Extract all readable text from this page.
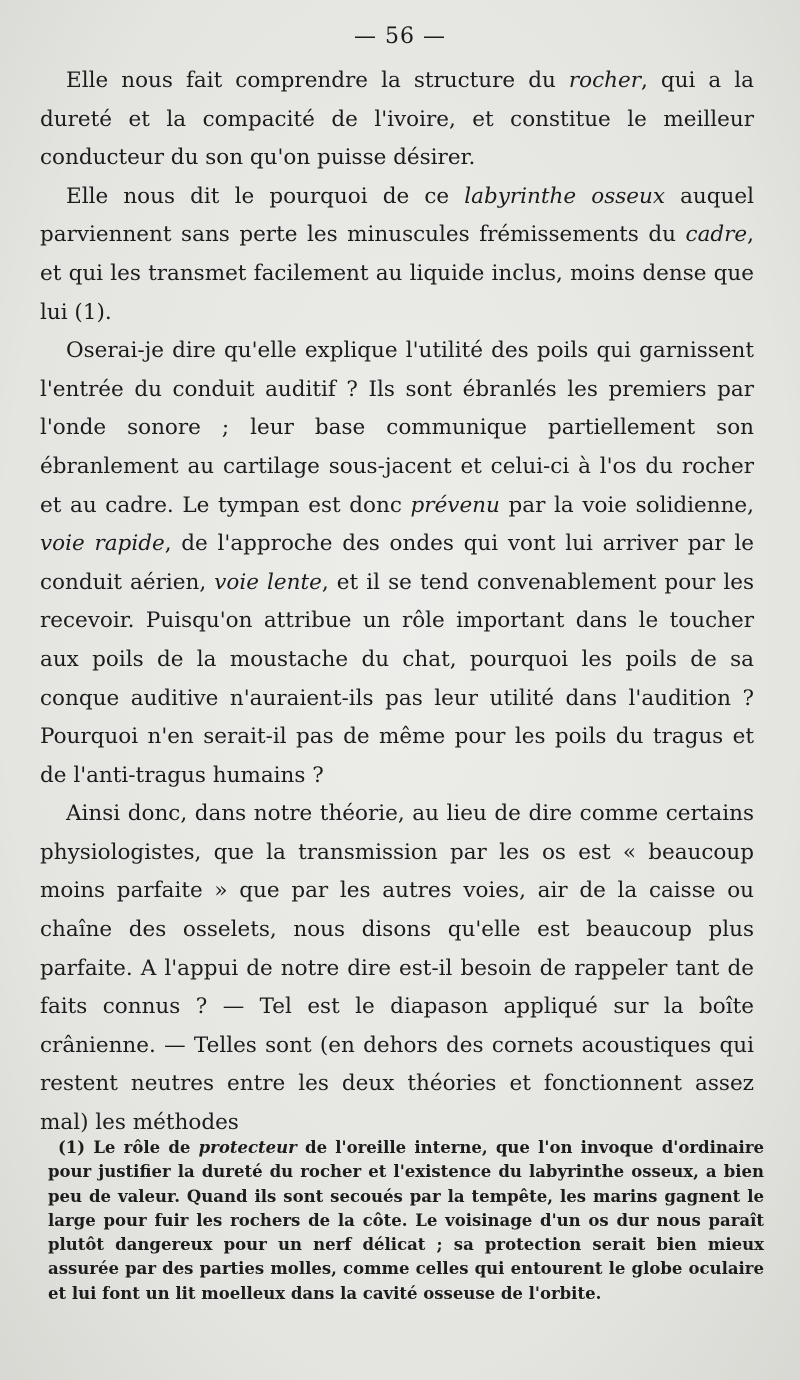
— 56 —

Elle nous fait comprendre la structure du rocher, qui a la dureté et la compacité de l'ivoire, et constitue le meilleur conducteur du son qu'on puisse désirer.

Elle nous dit le pourquoi de ce labyrinthe osseux auquel parviennent sans perte les minuscules frémissements du cadre, et qui les transmet facilement au liquide inclus, moins dense que lui (1).

Oserai-je dire qu'elle explique l'utilité des poils qui garnissent l'entrée du conduit auditif ? Ils sont ébranlés les premiers par l'onde sonore ; leur base communique partiellement son ébranlement au cartilage sous-jacent et celui-ci à l'os du rocher et au cadre. Le tympan est donc prévenu par la voie solidienne, voie rapide, de l'approche des ondes qui vont lui arriver par le conduit aérien, voie lente, et il se tend convenablement pour les recevoir. Puisqu'on attribue un rôle important dans le toucher aux poils de la moustache du chat, pourquoi les poils de sa conque auditive n'auraient-ils pas leur utilité dans l'audition ? Pourquoi n'en serait-il pas de même pour les poils du tragus et de l'anti-tragus humains ?

Ainsi donc, dans notre théorie, au lieu de dire comme certains physiologistes, que la transmission par les os est « beaucoup moins parfaite » que par les autres voies, air de la caisse ou chaîne des osselets, nous disons qu'elle est beaucoup plus parfaite. A l'appui de notre dire est-il besoin de rappeler tant de faits connus ? — Tel est le diapason appliqué sur la boîte crânienne. — Telles sont (en dehors des cornets acoustiques qui restent neutres entre les deux théories et fonctionnent assez mal) les méthodes

(1) Le rôle de protecteur de l'oreille interne, que l'on invoque d'ordinaire pour justifier la dureté du rocher et l'existence du labyrinthe osseux, a bien peu de valeur. Quand ils sont secoués par la tempête, les marins gagnent le large pour fuir les rochers de la côte. Le voisinage d'un os dur nous paraît plutôt dangereux pour un nerf délicat ; sa protection serait bien mieux assurée par des parties molles, comme celles qui entourent le globe oculaire et lui font un lit moelleux dans la cavité osseuse de l'orbite.
